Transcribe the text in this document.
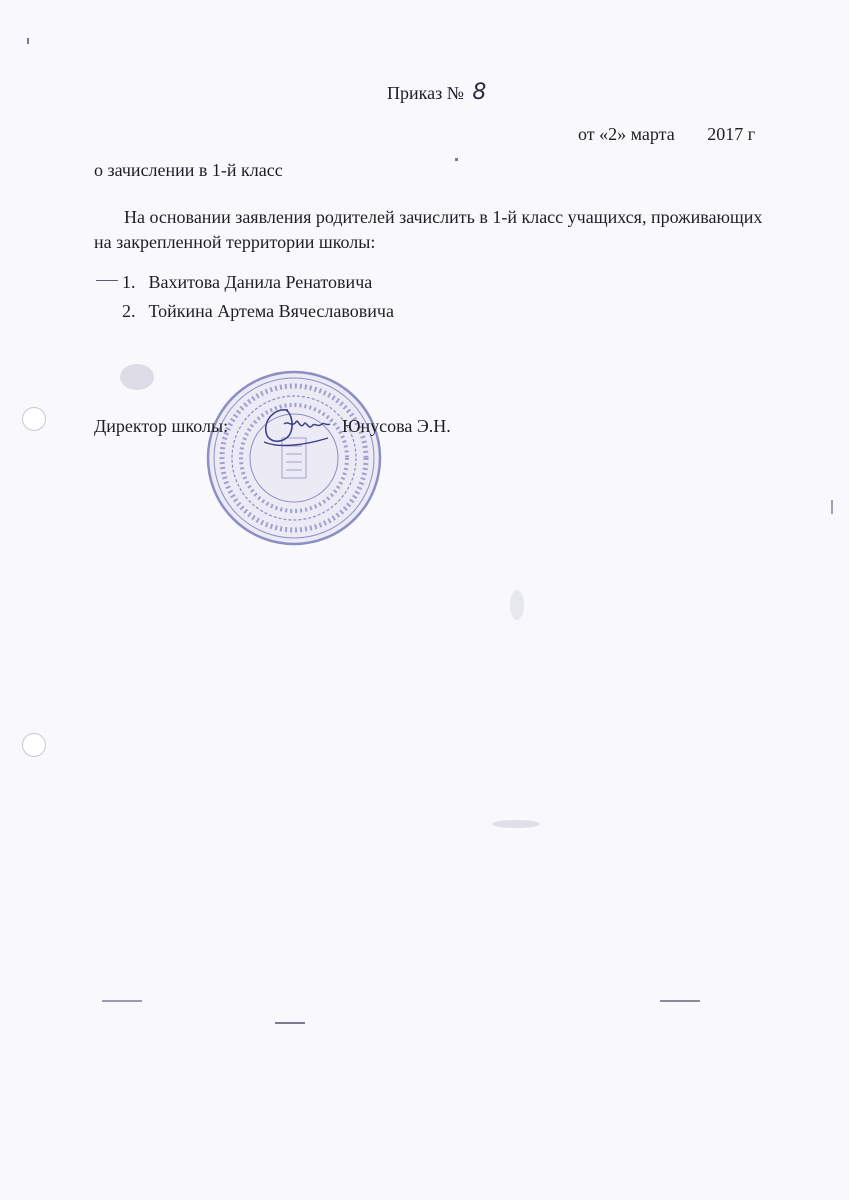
Приказ № 8
от «2» марта 2017 г
о зачислении в 1-й класс
На основании заявления родителей зачислить в 1-й класс учащихся, проживающих на закрепленной территории школы:
1. Вахитова Данила Ренатовича
2. Тойкина Артема Вячеславовича
Директор школы:	Юнусова Э.Н.
